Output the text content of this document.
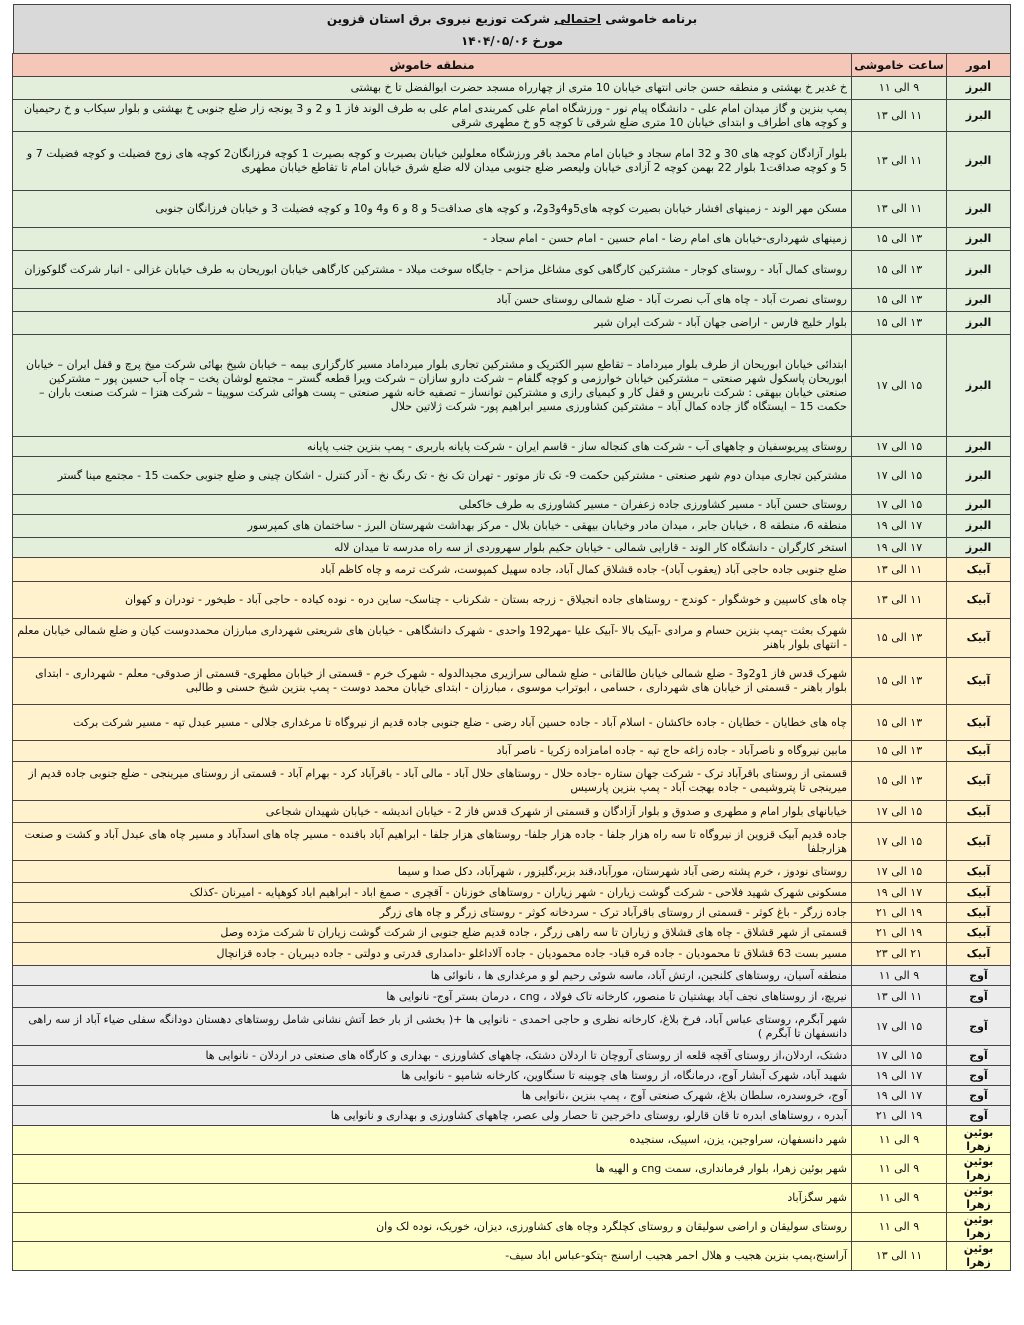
برنامه خاموشی احتمالی شرکت توزیع نیروی برق استان قزوین
مورخ ۱۴۰۴/۰۵/۰۶
امور	ساعت خاموشی	منطقه خاموش
البرز	۹ الی ۱۱	خ غدیر خ بهشتی و منطقه حسن جانی انتهای خیابان 10 متری از چهارراه مسجد حضرت ابوالفضل تا خ بهشتی
البرز	۱۱ الی ۱۳	پمپ بنزین و گاز میدان امام علی - دانشگاه پیام نور - ورزشگاه امام علی کمربندی امام علی به طرف الوند فاز 1 و 2 و 3 یونجه زار ضلع جنوبی خ بهشتی و بلوار سیکاب و خ رحیمیان و کوچه های اطراف و ابتدای خیابان 10 متری ضلع شرقی تا کوچه 5و خ مطهری شرقی
البرز	۱۱ الی ۱۳	بلوار آزادگان کوچه های 30 و 32 امام سجاد و خیابان امام محمد باقر ورزشگاه معلولین خیابان بصیرت و کوچه بصیرت 1 کوچه فرزانگان2 کوچه های زوج فضیلت و کوچه فضیلت 7 و 5 و کوچه صداقت1 بلوار 22 بهمن کوچه 2 آزادی خیابان ولیعصر ضلع جنوبی میدان لاله ضلع شرق خیابان امام تا تقاطع خیابان مطهری
البرز	۱۱ الی ۱۳	مسکن مهر الوند - زمینهای افشار خیابان بصیرت کوچه های5و4و3و2، و کوچه های صداقت5 و 8 و 6 و4 و10 و کوچه فضیلت 3 و خیابان فرزانگان جنوبی
البرز	۱۳ الی ۱۵	زمینهای شهرداری-خیابان های امام رضا - امام حسین - امام حسن - امام سجاد -
البرز	۱۳ الی ۱۵	روستای کمال آباد - روستای کوجار - مشترکین کارگاهی کوی مشاغل مزاحم - جایگاه سوخت میلاد - مشترکین کارگاهی خیابان ابوریحان به طرف خیابان غزالی - انبار شرکت گلوکوزان
البرز	۱۳ الی ۱۵	روستای نصرت آباد - چاه های آب نصرت آباد - ضلع شمالی روستای حسن آباد
البرز	۱۳ الی ۱۵	بلوار خلیج فارس - اراضی جهان آباد - شرکت ایران شیر
البرز	۱۵ الی ۱۷	ابتدائی خیابان ابوریحان از طرف بلوار میرداماد – تقاطع سپر الکتریک و مشترکین تجاری بلوار میرداماد مسیر کارگزاری بیمه – خیابان شیخ بهائی شرکت میخ پرچ و قفل ایران – خیابان ابوریحان پاسکول شهر صنعتی – مشترکین خیابان خوارزمی و کوچه گلفام – شرکت دارو سازان – شرکت ویرا قطعه گستر – مجتمع لوشان پخت – چاه آب حسین پور – مشترکین صنعتی خیابان بیهقی : شرکت نابریس و قفل کار و کیمیای رازی و مشترکین توانساز – تصفیه خانه شهر صنعتی – پست هوائی شرکت سوپیتا – شرکت هتزا – شرکت صنعت باران – حکمت 15 – ایستگاه گاز جاده کمال آباد – مشترکین کشاورزی مسیر ابراهیم پور- شرکت ژلاتین حلال
البرز	۱۵ الی ۱۷	روستای پیریوسفیان و چاههای آب - شرکت های کنجاله ساز - قاسم ایران - شرکت پایانه باربری - پمپ بنزین جنب پایانه
البرز	۱۵ الی ۱۷	مشترکین تجاری میدان دوم شهر صنعتی - مشترکین حکمت 9- تک تاز موتور - تهران تک نخ - تک رنگ نخ - آذر کنترل - اشکان چینی و ضلع جنوبی حکمت 15 - مجتمع مینا گستر
البرز	۱۵ الی ۱۷	روستای حسن آباد - مسیر کشاورزی جاده زعفران - مسیر کشاورزی به طرف خاکعلی
البرز	۱۷ الی ۱۹	منطقه 6، منطقه 8 ، خیابان جابر ، میدان مادر وخیابان بیهقی - خیابان بلال - مرکز بهداشت شهرستان البرز - ساختمان های کمپرسور
البرز	۱۷ الی ۱۹	استخر کارگران - دانشگاه کار الوند - قارایی شمالی - خیابان حکیم بلوار سهروردی از سه راه مدرسه تا میدان لاله
آبیک	۱۱ الی ۱۳	ضلع جنوبی جاده حاجی آباد (یعقوب آباد)- جاده قشلاق کمال آباد، جاده سهیل کمپوست، شرکت ترمه و چاه کاظم آباد
آبیک	۱۱ الی ۱۳	چاه های کاسپین و خوشگوار - کوندج - روستاهای جاده انجیلاق - زرجه بستان - شکرناب - چناسک- ساین دره - نوده کیاده - حاجی آباد - طیخور - تودران و کهوان
آبیک	۱۳ الی ۱۵	شهرک بعثت -پمپ بنزین حسام و مرادی -آبیک بالا -آبیک علیا -مهر192 واحدی - شهرک دانشگاهی - خیابان های شریعتی شهرداری مبارزان محمددوست کیان و ضلع شمالی خیابان معلم - انتهای بلوار باهنر
آبیک	۱۳ الی ۱۵	شهرک قدس فاز 1و2و3 - ضلع شمالی خیابان طالقانی - ضلع شمالی سرازیری مجیدالدوله - شهرک خرم - قسمتی از خیابان مطهری- قسمتی از صدوقی- معلم - شهرداری - ابتدای بلوار باهنر - قسمتی از خیابان های شهرداری ، حسامی ، ابوتراب موسوی ، مبارزان - ابتدای خیابان محمد دوست - پمپ بنزین شیخ حسنی و طالبی
آبیک	۱۳ الی ۱۵	چاه های خطایان - خطایان - جاده خاکشان - اسلام آباد - جاده حسین آباد رضی - ضلع جنوبی جاده قدیم از نیروگاه تا مرغداری جلالی - مسیر عبدل تپه - مسیر شرکت برکت
آبیک	۱۳ الی ۱۵	مابین نیروگاه و ناصرآباد - جاده زاغه حاج تپه - جاده امامزاده زکریا - ناصر آباد
آبیک	۱۳ الی ۱۵	قسمتی از روستای باقرآباد ترک - شرکت جهان ستاره -جاده حلال - روستاهای حلال آباد - مالی آباد - باقرآباد کرد - بهرام آباد - قسمتی از روستای میرینجی - ضلع جنوبی جاده قدیم از میرینجی تا پتروشیمی - جاده بهجت آباد - پمپ بنزین پارسیس
آبیک	۱۵ الی ۱۷	خیابانهای بلوار امام و مطهری و صدوق و بلوار آزادگان و قسمتی از شهرک قدس فاز 2 - خیابان اندیشه - خیابان شهیدان شجاعی
آبیک	۱۵ الی ۱۷	جاده قدیم آبیک قزوین از نیروگاه تا سه راه هزار جلفا - جاده هزار جلفا- روستاهای هزار جلفا - ابراهیم آباد بافنده - مسیر چاه های اسدآباد و مسیر چاه های عبدل آباد و کشت و صنعت هزارجلفا
آبیک	۱۵ الی ۱۷	روستای نودوز ، خرم پشته رضی آباد شهرستان، مورآباد،قند بزبر،گلیزور ، شهرآباد، دکل صدا و سیما
آبیک	۱۷ الی ۱۹	مسکونی شهرک شهید فلاحی - شرکت گوشت زیاران - شهر زیاران - روستاهای خوزنان - آقچری - صمغ اباد - ابراهیم اباد کوهپایه - امیرنان -کذلک
آبیک	۱۹ الی ۲۱	جاده زرگر - باغ کوثر - قسمتی از روستای باقرآباد ترک - سردخانه کوثر - روستای زرگر و چاه های زرگر
آبیک	۱۹ الی ۲۱	قسمتی از شهر قشلاق - چاه های قشلاق و زیاران تا سه راهی زرگر ، جاده قدیم ضلع جنوبی از شرکت گوشت زیاران تا شرکت مژده وصل
آبیک	۲۱ الی ۲۳	مسیر بست 63 قشلاق تا محمودیان - جاده قره قباد- جاده محمودیان - جاده آلاداغلو -دامداری قدرتی و دولتی - جاده دیبریان - جاده قزانچال
آوج	۹ الی ۱۱	منطقه آسیان، روستاهای کلنجین، ارتش آباد، ماسه شوئی رحیم لو و مرغداری ها ، نانوائی ها
آوج	۱۱ الی ۱۳	نیریچ، از روستاهای نجف آباد بهشتیان تا منصور، کارخانه تاک فولاد ، cng ، درمان بستر آوج- نانوایی ها
آوج	۱۵ الی ۱۷	شهر آبگرم، روستای عباس آباد، فرخ بلاغ، کارخانه نظری و حاجی احمدی - نانوایی ها +( بخشی از بار خط آتش نشانی شامل روستاهای دهستان دودانگه سفلی ضیاء آباد از سه راهی دانسفهان تا آبگرم )
آوج	۱۵ الی ۱۷	دشتک، اردلان،از روستای آقچه قلعه از روستای آروچان تا اردلان دشتک، چاههای کشاورزی - بهداری و کارگاه های صنعتی در اردلان - نانوایی ها
آوج	۱۷ الی ۱۹	شهید آباد، شهرک آبشار آوج، درمانگاه، از روستا های چوبینه تا سنگاوین، کارخانه شامپو - نانوایی ها
آوج	۱۷ الی ۱۹	آوج، خروسدره، سلطان بلاغ، شهرک صنعتی آوج ، پمپ بنزین ،نانوایی ها
آوج	۱۹ الی ۲۱	آبدره ، روستاهای ابدره تا قان قارلو، روستای داخرجین تا حصار ولی عصر، چاههای کشاورزی و بهداری و نانوایی ها
بوئین زهرا	۹ الی ۱۱	شهر دانسفهان، سراوجین، یزن، اسپیک، سنجیده
بوئین زهرا	۹ الی ۱۱	شهر بوئین زهرا، بلوار فرمانداری، سمت cng و الهیه ها
بوئین زهرا	۹ الی ۱۱	شهر سگزآباد
بوئین زهرا	۹ الی ۱۱	روستای سولیقان و اراضی سولیقان و روستای کچلگرد وچاه های کشاورزی، دیزان، خوریک، نوده لک وان
بوئین زهرا	۱۱ الی ۱۳	آراسنج،پمپ بنزین هجیب و هلال احمر هجیب اراسنج -پتکو-عباس اباد سیف-
